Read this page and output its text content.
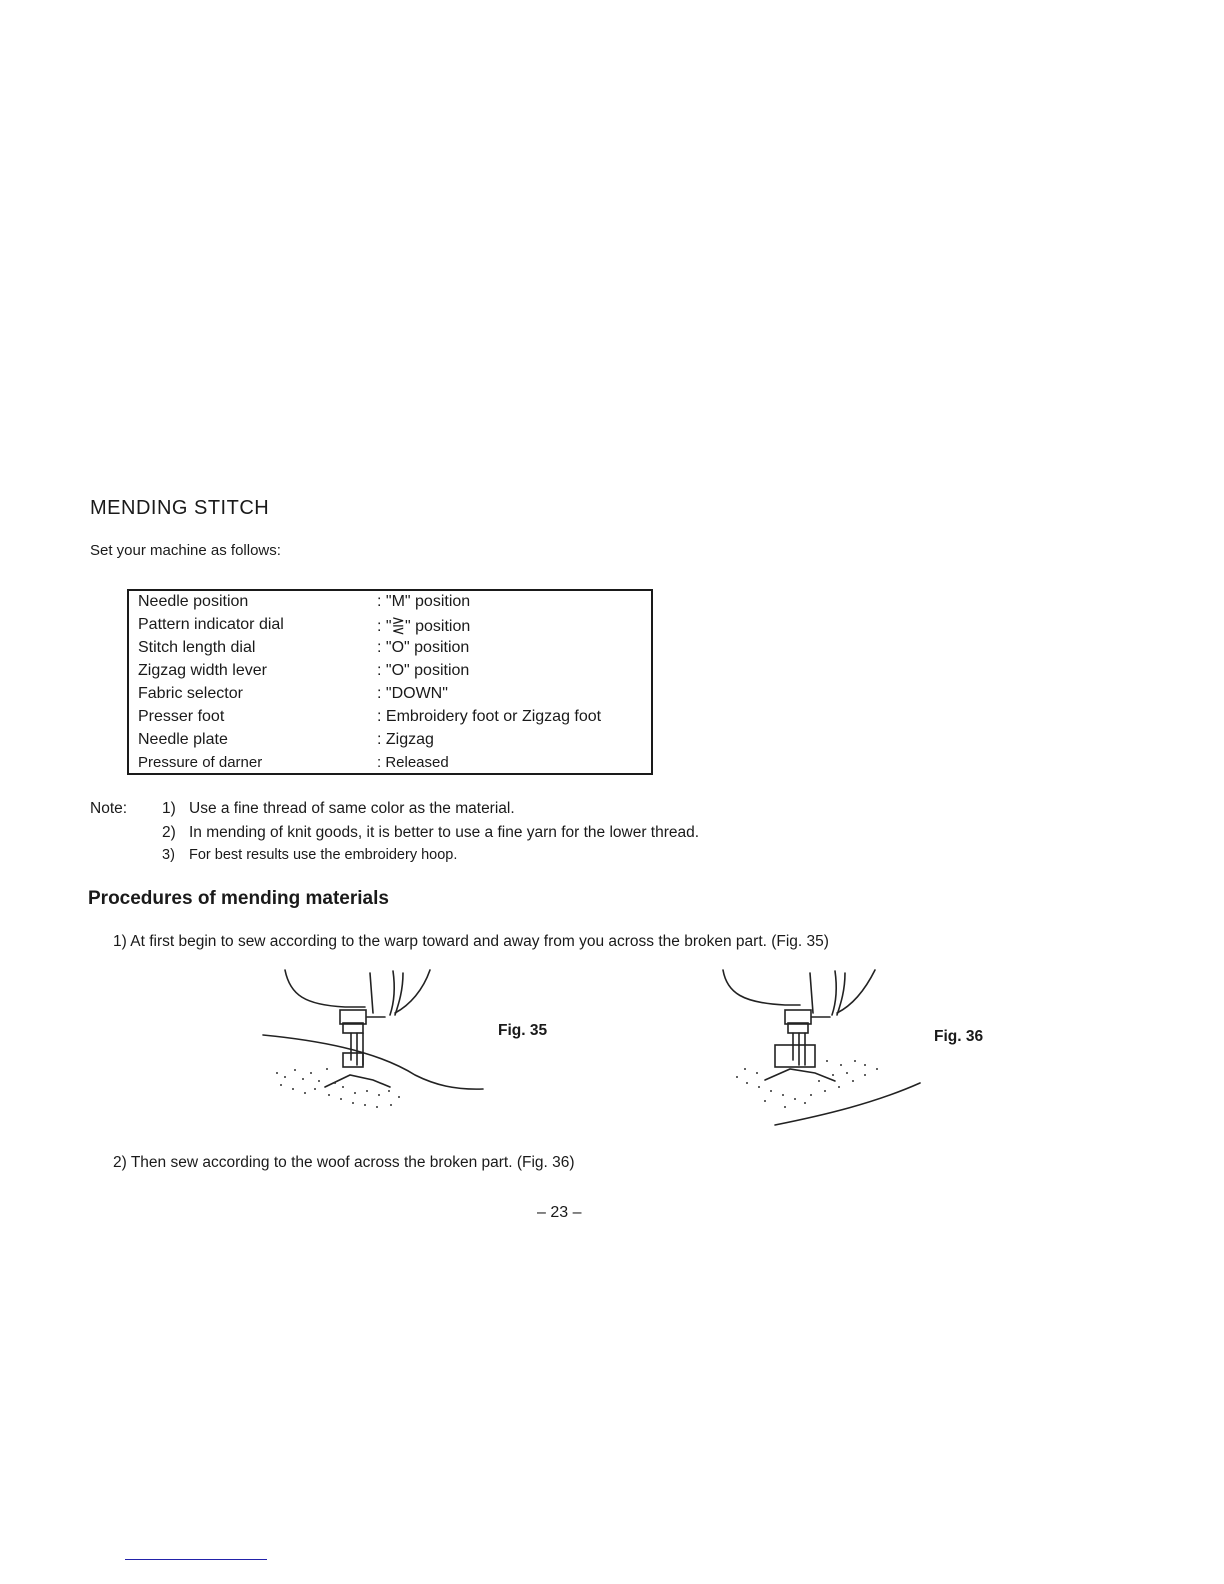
MENDING STITCH
Set your machine as follows:
Needle position	: "M" position
Pattern indicator dial	: "⋛" position
Stitch length dial	: "O" position
Zigzag width lever	: "O" position
Fabric selector	: "DOWN"
Presser foot	: Embroidery foot or Zigzag foot
Needle plate	: Zigzag
Pressure of darner	: Released
Note: 1) Use a fine thread of same color as the material.
2) In mending of knit goods, it is better to use a fine yarn for the lower thread.
3) For best results use the embroidery hoop.
Procedures of mending materials
1) At first begin to sew according to the warp toward and away from you across the broken part. (Fig. 35)
Fig. 35	Fig. 36
2) Then sew according to the woof across the broken part. (Fig. 36)
– 23 –
